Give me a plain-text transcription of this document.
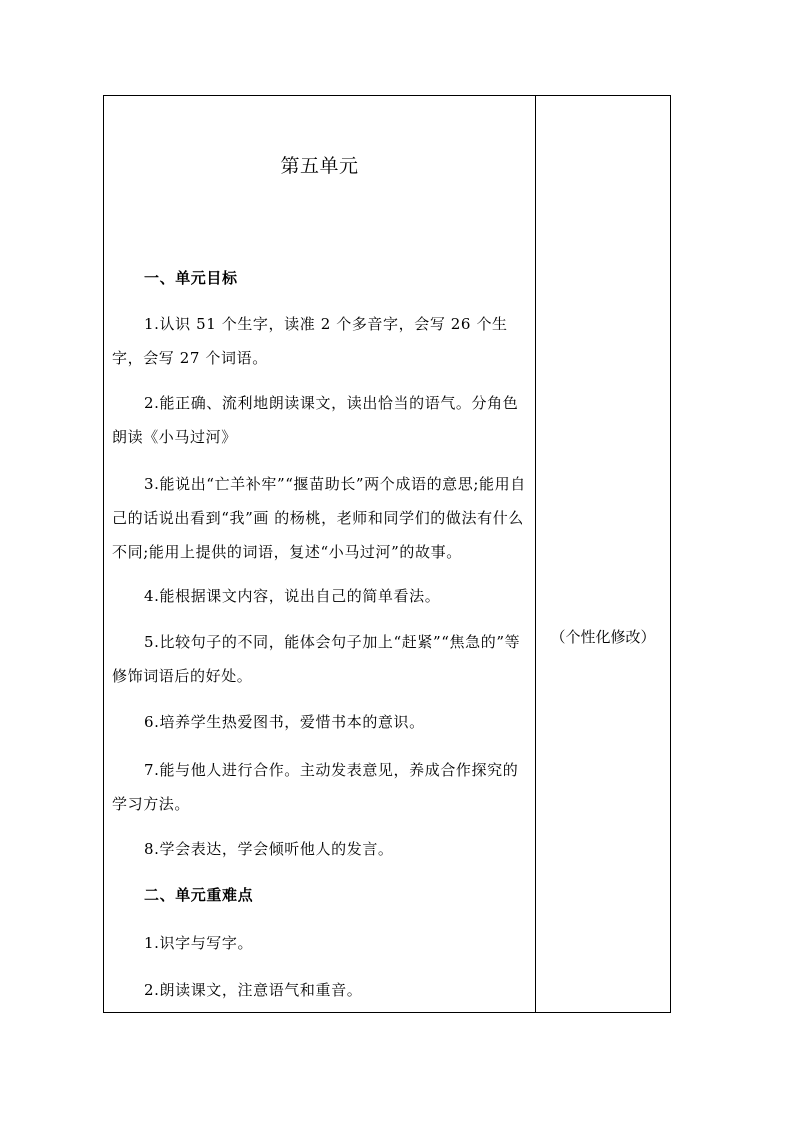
第五单元
一、单元目标
1.认识 51 个生字，读准 2 个多音字，会写 26 个生字，会写 27 个词语。
2.能正确、流利地朗读课文，读出恰当的语气。分角色朗读《小马过河》
3.能说出“亡羊补牢”“揠苗助长”两个成语的意思;能用自己的话说出看到“我”画 的杨桃，老师和同学们的做法有什么不同;能用上提供的词语，复述“小马过河”的故事。
4.能根据课文内容，说出自己的简单看法。
5.比较句子的不同，能体会句子加上“赶紧”“焦急的”等修饰词语后的好处。
6.培养学生热爱图书，爱惜书本的意识。
7.能与他人进行合作。主动发表意见，养成合作探究的学习方法。
8.学会表达，学会倾听他人的发言。
二、单元重难点
1.识字与写字。
2.朗读课文，注意语气和重音。
（个性化修改）
